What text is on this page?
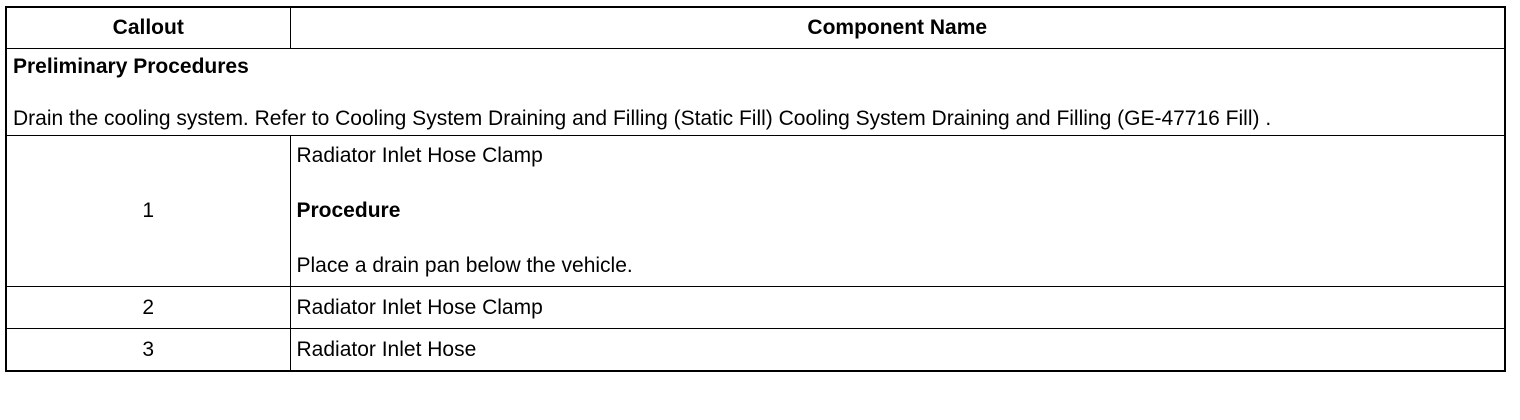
Callout	Component Name

Preliminary Procedures
Drain the cooling system. Refer to Cooling System Draining and Filling (Static Fill) Cooling System Draining and Filling (GE-47716 Fill) .	

1	Radiator Inlet Hose Clamp
Procedure
Place a drain pan below the vehicle.

2	Radiator Inlet Hose Clamp
3	Radiator Inlet Hose
